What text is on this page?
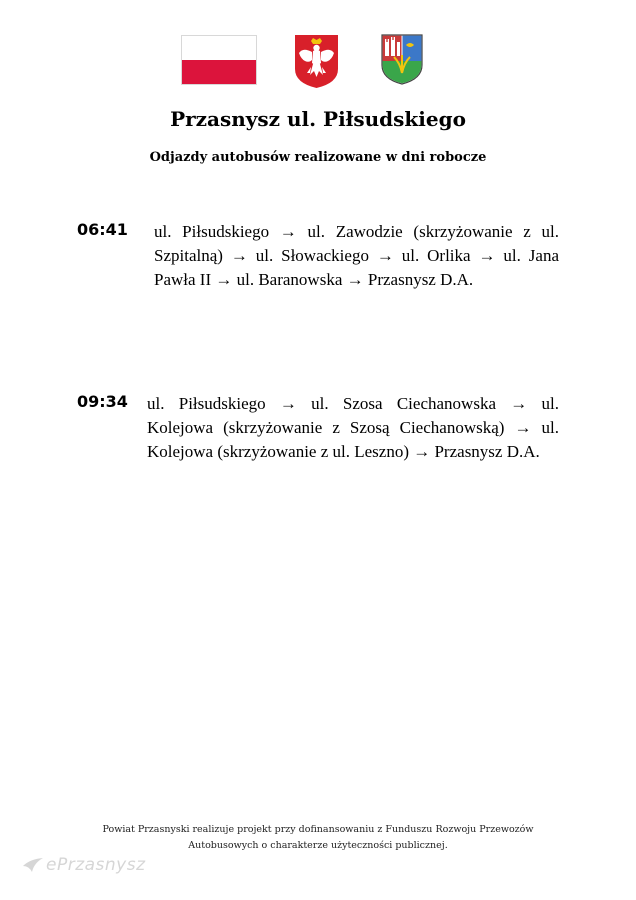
Przasnysz ul. Piłsudskiego
Odjazdy autobusów realizowane w dni robocze
06:41 ul. Piłsudskiego → ul. Zawodzie (skrzyżowanie z ul. Szpitalną) → ul. Słowackiego → ul. Orlika → ul. Jana Pawła II → ul. Baranowska → Przasnysz D.A.
09:34 ul. Piłsudskiego → ul. Szosa Ciechanowska → ul. Kolejowa (skrzyżowanie z Szosą Ciechanowską) → ul. Kolejowa (skrzyżowanie z ul. Leszno) → Przasnysz D.A.
Powiat Przasnyski realizuje projekt przy dofinansowaniu z Funduszu Rozwoju Przewozów
Autobusowych o charakterze użyteczności publicznej.
ePrzasnysz
